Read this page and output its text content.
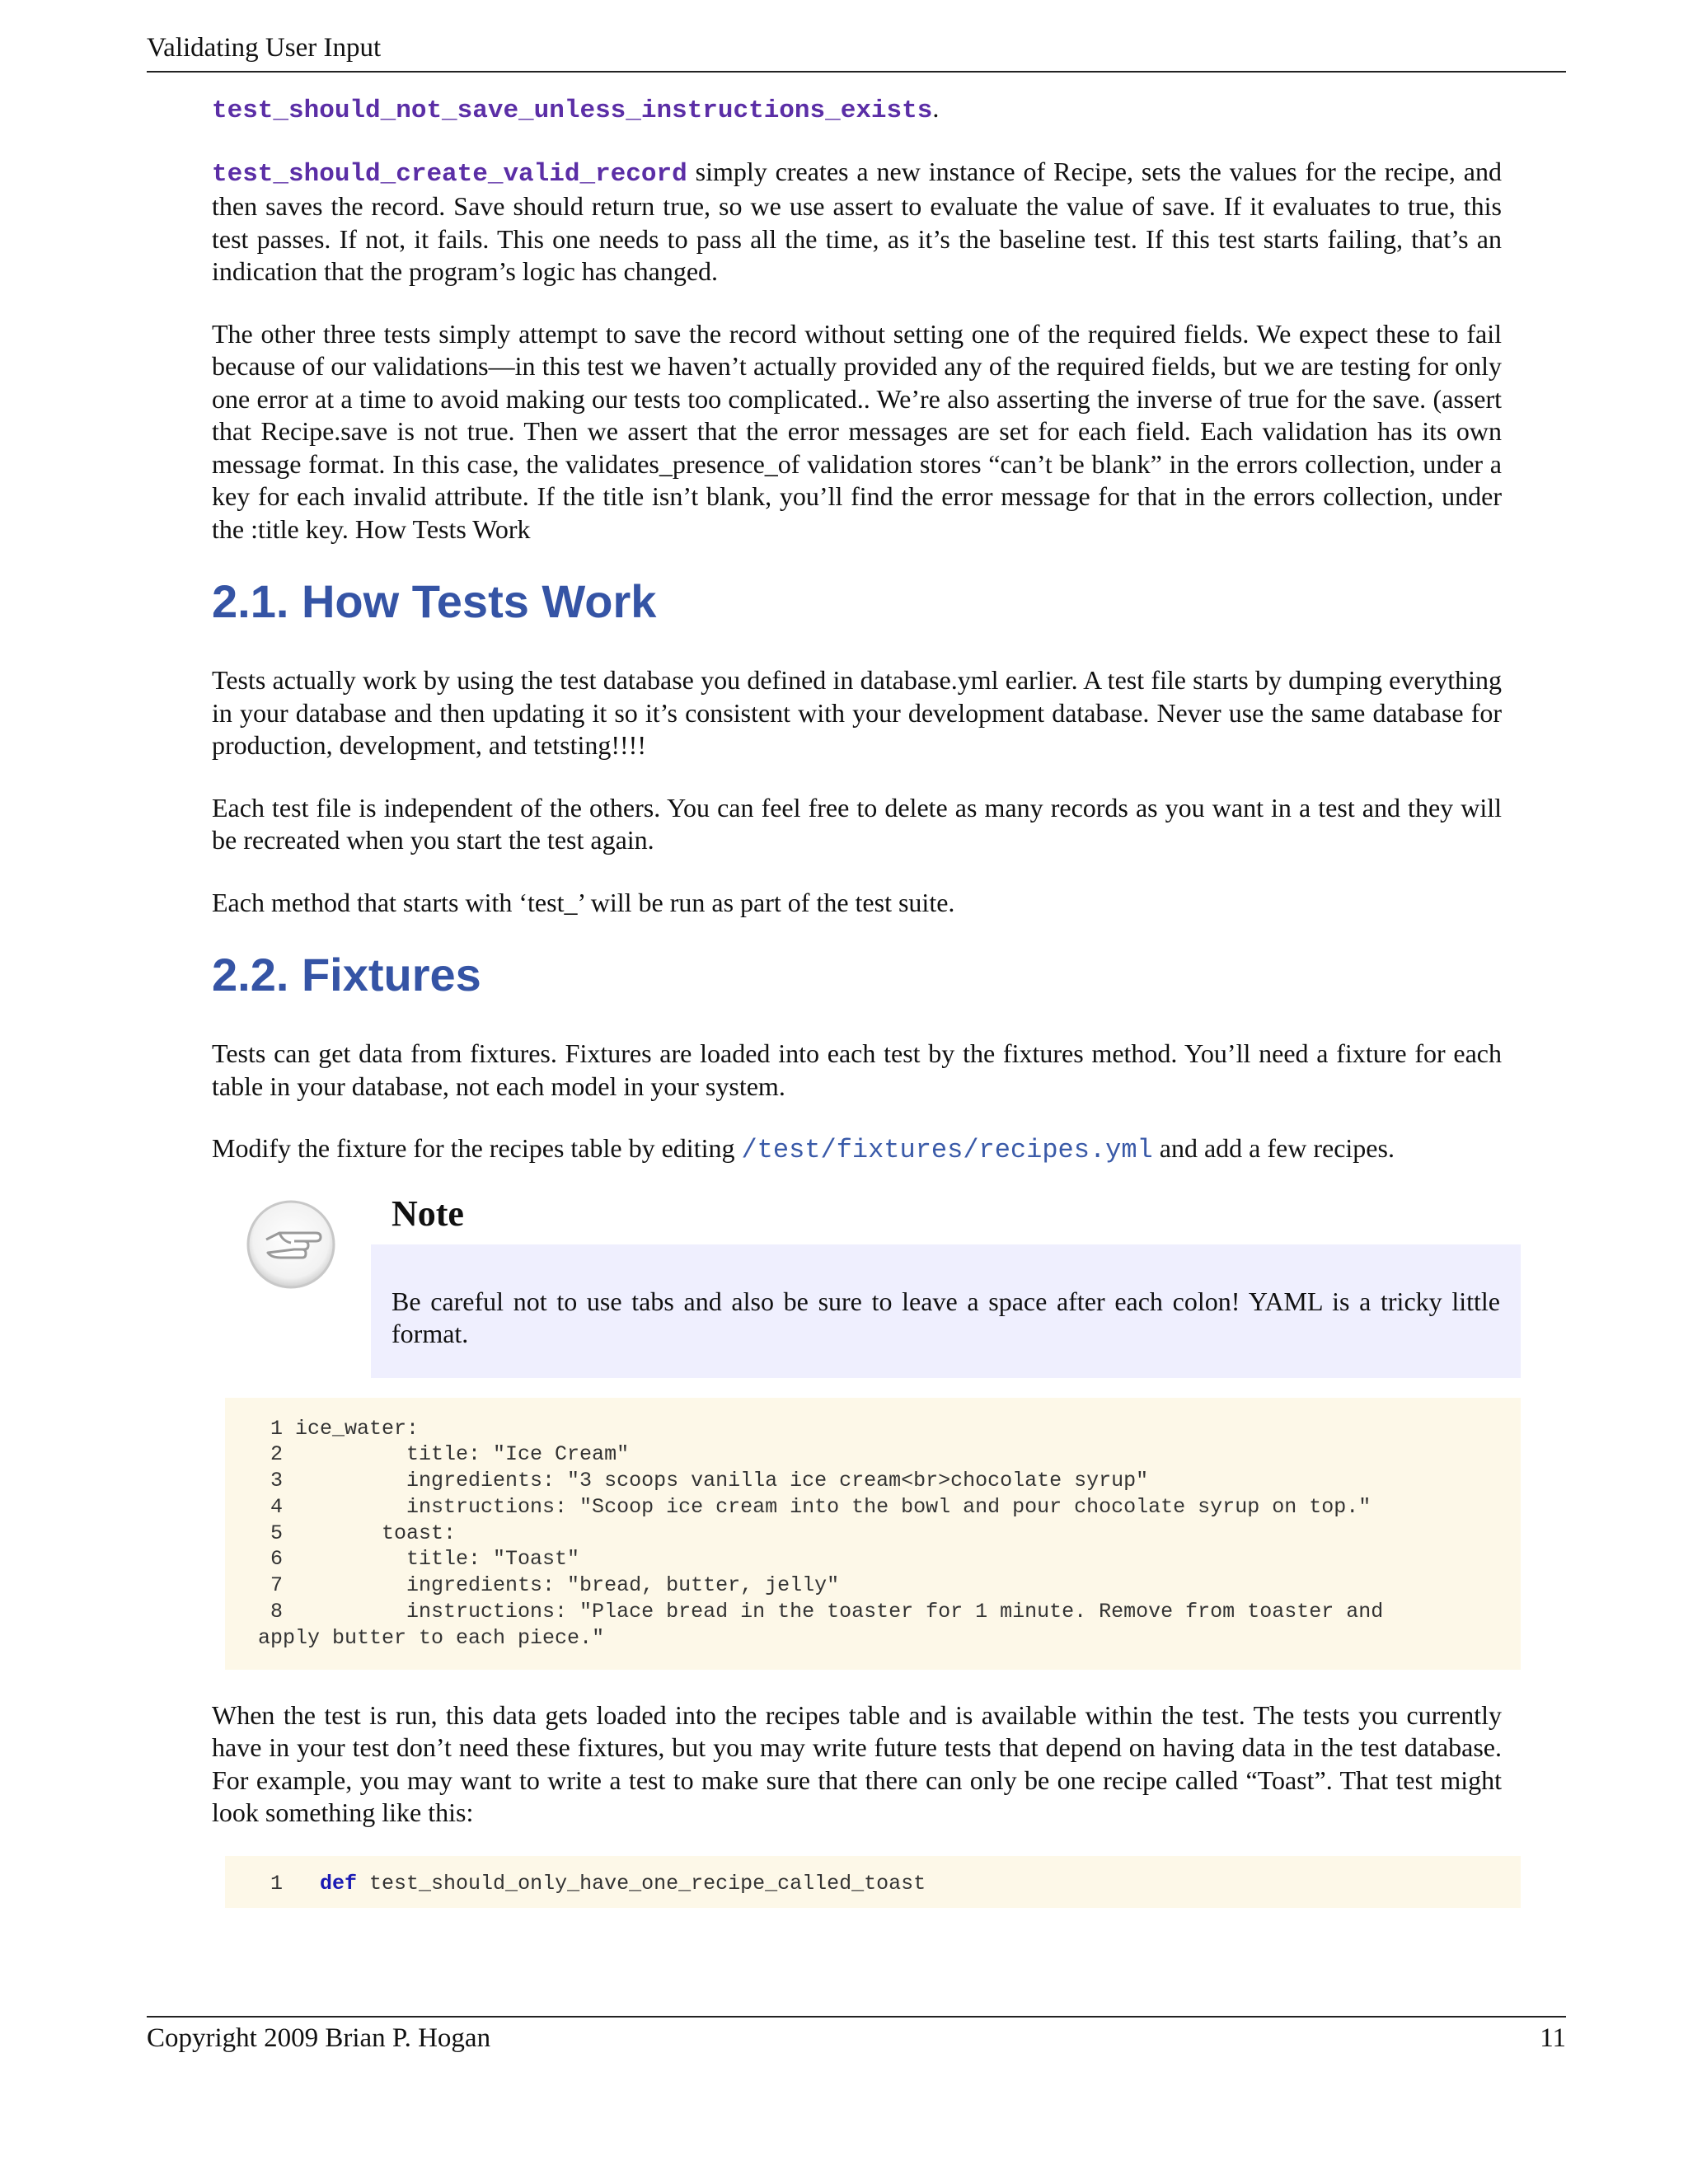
Validating User Input

test_should_not_save_unless_instructions_exists.

test_should_create_valid_record simply creates a new instance of Recipe, sets the values for the recipe, and then saves the record. Save should return true, so we use assert to evaluate the value of save. If it evaluates to true, this test passes. If not, it fails. This one needs to pass all the time, as it’s the baseline test. If this test starts failing, that’s an indication that the program’s logic has changed.

The other three tests simply attempt to save the record without setting one of the required fields. We expect these to fail because of our validations—in this test we haven’t actually provided any of the required fields, but we are testing for only one error at a time to avoid making our tests too complicated.. We’re also asserting the inverse of true for the save. (assert that Recipe.save is not true. Then we assert that the error messages are set for each field. Each validation has its own message format. In this case, the validates_presence_of validation stores “can’t be blank” in the errors collection, under a key for each invalid attribute. If the title isn’t blank, you’ll find the error message for that in the errors collection, under the :title key. How Tests Work

2.1. How Tests Work

Tests actually work by using the test database you defined in database.yml earlier. A test file starts by dumping everything in your database and then updating it so it’s consistent with your development database. Never use the same database for production, development, and tetsting!!!!

Each test file is independent of the others. You can feel free to delete as many records as you want in a test and they will be recreated when you start the test again.

Each method that starts with ‘test_’ will be run as part of the test suite.

2.2. Fixtures

Tests can get data from fixtures. Fixtures are loaded into each test by the fixtures method. You’ll need a fixture for each table in your database, not each model in your system.

Modify the fixture for the recipes table by editing /test/fixtures/recipes.yml and add a few recipes.

Note
Be careful not to use tabs and also be sure to leave a space after each colon! YAML is a tricky little format.
1 ice_water:
2          title: "Ice Cream"
3          ingredients: "3 scoops vanilla ice cream<br>chocolate syrup"
4          instructions: "Scoop ice cream into the bowl and pour chocolate syrup on top."
5        toast:
6          title: "Toast"
7          ingredients: "bread, butter, jelly"
8          instructions: "Place bread in the toaster for 1 minute. Remove from toaster and
apply butter to each piece."

When the test is run, this data gets loaded into the recipes table and is available within the test. The tests you currently have in your test don’t need these fixtures, but you may write future tests that depend on having data in the test database. For example, you may want to write a test to make sure that there can only be one recipe called “Toast”. That test might look something like this:

1 def test_should_only_have_one_recipe_called_toast
Copyright 2009 Brian P. Hogan	11
